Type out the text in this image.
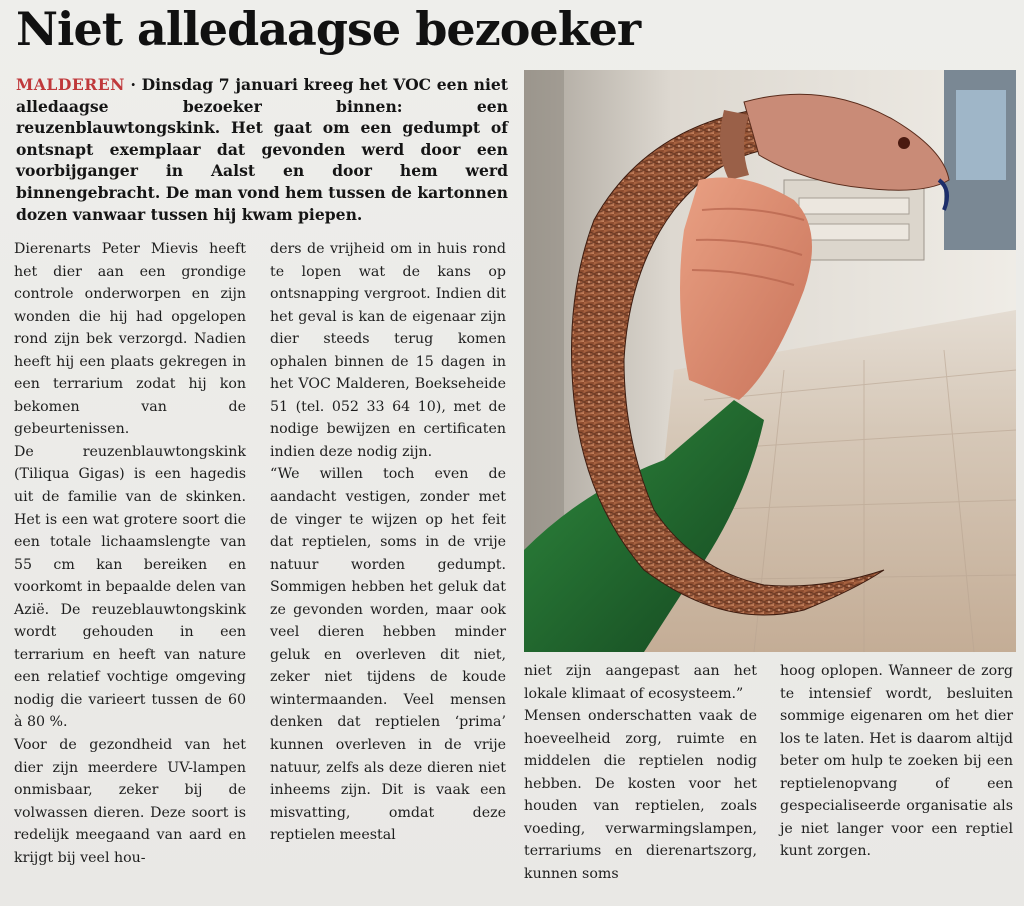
Niet alledaagse bezoeker
MALDEREN · Dinsdag 7 januari kreeg het VOC een niet alledaagse bezoeker binnen: een reuzenblauwtongskink. Het gaat om een gedumpt of ontsnapt exemplaar dat gevonden werd door een voorbijganger in Aalst en door hem werd binnengebracht. De man vond hem tussen de kartonnen dozen vanwaar tussen hij kwam piepen.

Dierenarts Peter Mievis heeft het dier aan een grondige controle onderworpen en zijn wonden die hij had opgelopen rond zijn bek verzorgd. Nadien heeft hij een plaats gekregen in een terrarium zodat hij kon bekomen van de gebeurtenissen.

De reuzenblauwtongskink (Tiliqua Gigas) is een hagedis uit de familie van de skinken. Het is een wat grotere soort die een totale lichaamslengte van 55 cm kan bereiken en voorkomt in bepaalde delen van Azië. De reuzeblauwtongskink wordt gehouden in een terrarium en heeft van nature een relatief vochtige omgeving nodig die varieert tussen de 60 à 80 %.

Voor de gezondheid van het dier zijn meerdere UV-lampen onmisbaar, zeker bij de volwassen dieren. Deze soort is redelijk meegaand van aard en krijgt bij veel hou-

ders de vrijheid om in huis rond te lopen wat de kans op ontsnapping vergroot. Indien dit het geval is kan de eigenaar zijn dier steeds terug komen ophalen binnen de 15 dagen in het VOC Malderen, Boekseheide 51 (tel. 052 33 64 10), met de nodige bewijzen en certificaten indien deze nodig zijn.

“We willen toch even de aandacht vestigen, zonder met de vinger te wijzen op het feit dat reptielen, soms in de vrije natuur worden gedumpt. Sommigen hebben het geluk dat ze gevonden worden, maar ook veel dieren hebben minder geluk en overleven dit niet, zeker niet tijdens de koude wintermaanden. Veel mensen denken dat reptielen ‘prima’ kunnen overleven in de vrije natuur, zelfs als deze dieren niet inheems zijn. Dit is vaak een misvatting, omdat deze reptielen meestal

niet zijn aangepast aan het lokale klimaat of ecosysteem.”

Mensen onderschatten vaak de hoeveelheid zorg, ruimte en middelen die reptielen nodig hebben. De kosten voor het houden van reptielen, zoals voeding, verwarmingslampen, terrariums en dierenartszorg, kunnen soms

hoog oplopen. Wanneer de zorg te intensief wordt, besluiten sommige eigenaren om het dier los te laten. Het is daarom altijd beter om hulp te zoeken bij een reptielenopvang of een gespecialiseerde organisatie als je niet langer voor een reptiel kunt zorgen.
